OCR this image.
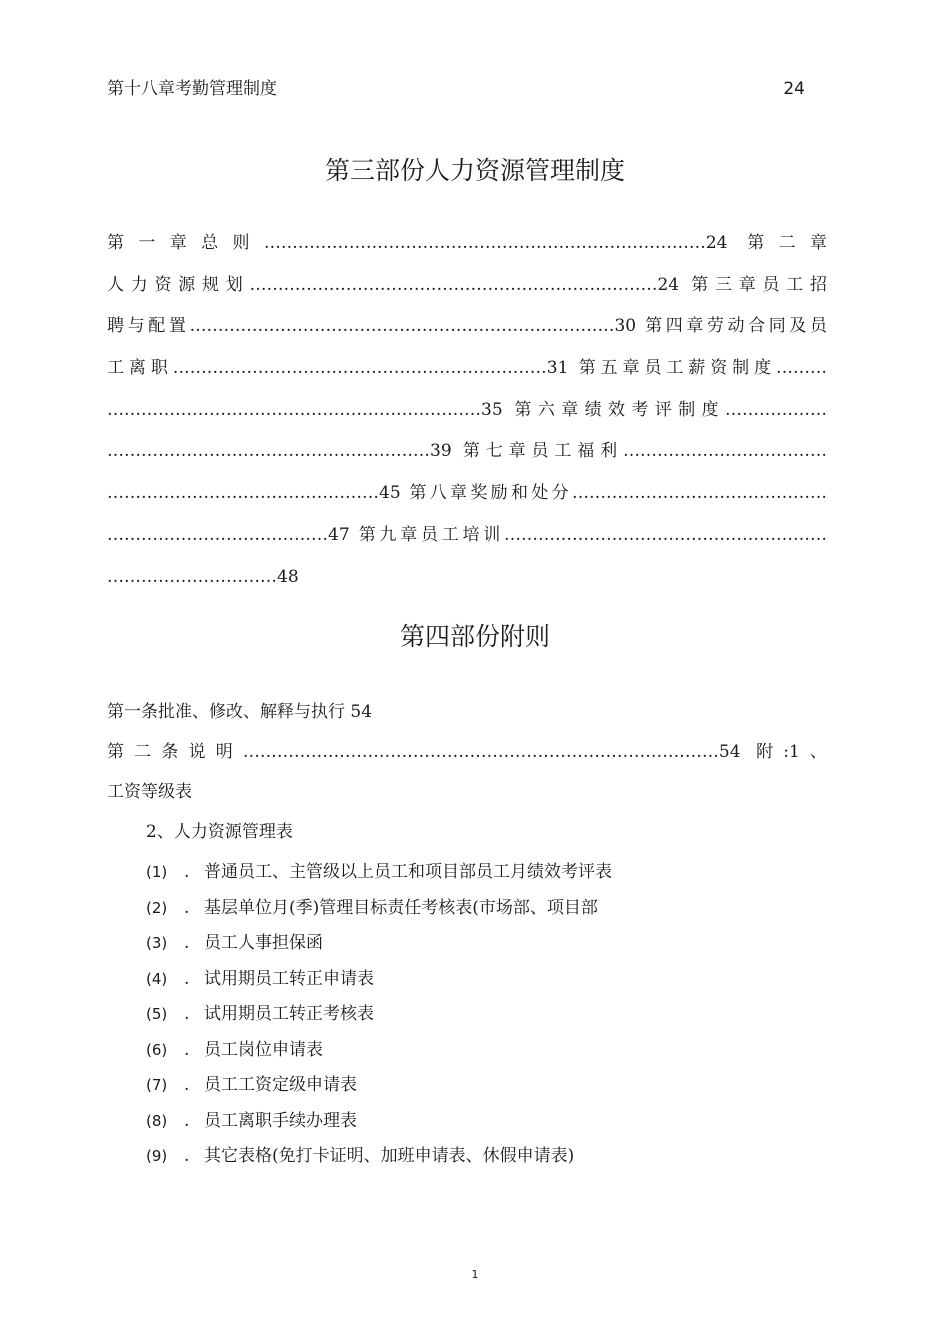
第十八章考勤管理制度	24
第三部份人力资源管理制度
第一章总则……………………………………………………………………24 第二章
人力资源规划………………………………………………………………24 第三章员工招
聘与配置…………………………………………………………………30 第四章劳动合同及员
工离职…………………………………………………………31 第五章员工薪资制度………
…………………………………………………………35 第六章绩效考评制度………………
…………………………………………………39 第七章员工福利………………………………
…………………………………………45 第八章奖励和处分………………………………………
…………………………………47 第九章员工培训…………………………………………………
…………………………48
第四部份附则
第一条批准、修改、解释与执行 54
第二条说明…………………………………………………………………………54 附:1、
工资等级表
2、人力资源管理表
(1) . 普通员工、主管级以上员工和项目部员工月绩效考评表
(2) . 基层单位月(季)管理目标责任考核表(市场部、项目部
(3) . 员工人事担保函
(4) . 试用期员工转正申请表
(5) . 试用期员工转正考核表
(6) . 员工岗位申请表
(7) . 员工工资定级申请表
(8) . 员工离职手续办理表
(9) . 其它表格(免打卡证明、加班申请表、休假申请表)
1
